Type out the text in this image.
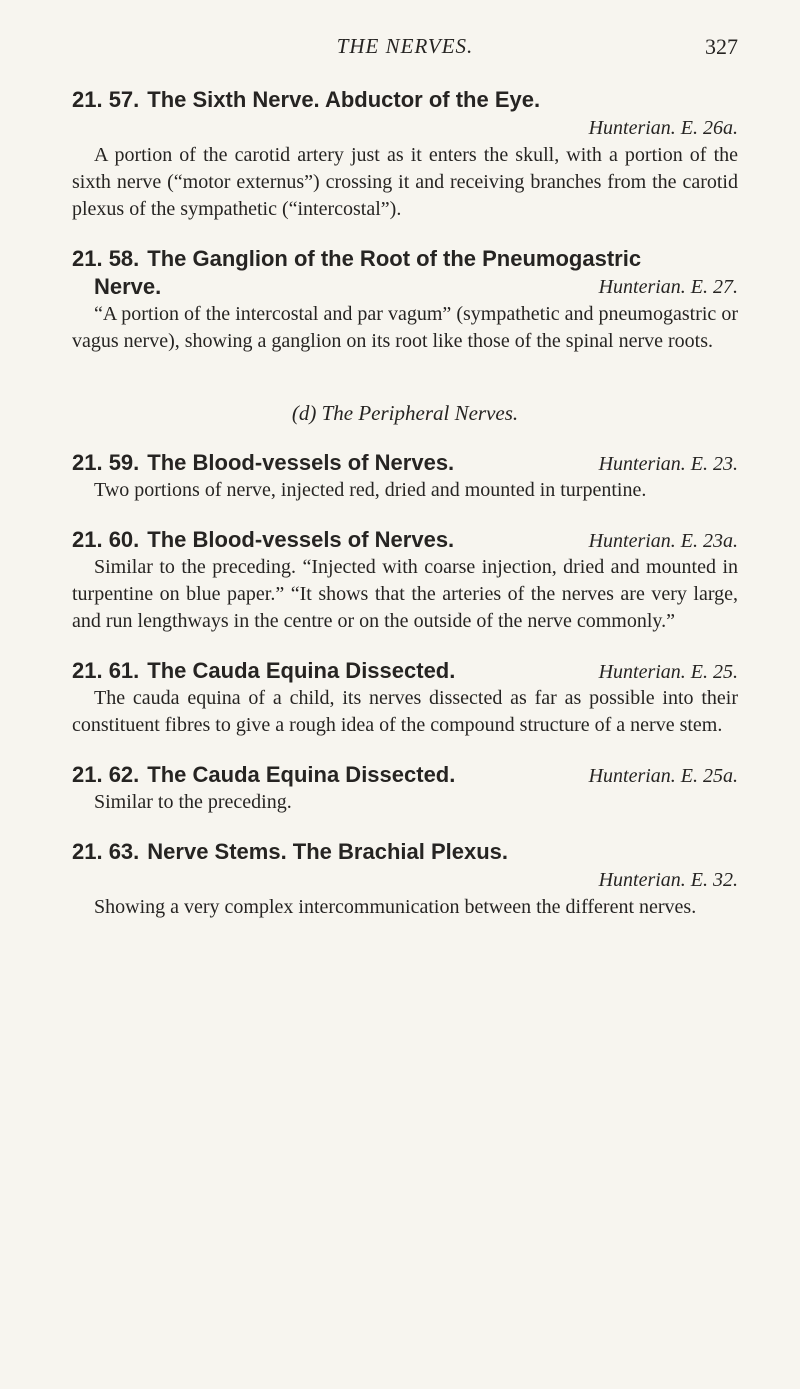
THE NERVES.	327
21. 57. The Sixth Nerve. Abductor of the Eye.
Hunterian. E. 26a.

A portion of the carotid artery just as it enters the skull, with a portion of the sixth nerve (“motor externus”) crossing it and receiving branches from the carotid plexus of the sympathetic (“intercostal”).

21. 58. The Ganglion of the Root of the Pneumogastric
Nerve.	Hunterian. E. 27.

“A portion of the intercostal and par vagum” (sympathetic and pneumogastric or vagus nerve), showing a ganglion on its root like those of the spinal nerve roots.

(d) The Peripheral Nerves.

21. 59. The Blood-vessels of Nerves.	Hunterian. E. 23.

Two portions of nerve, injected red, dried and mounted in turpentine.

21. 60. The Blood-vessels of Nerves.	Hunterian. E. 23a.

Similar to the preceding. “Injected with coarse injection, dried and mounted in turpentine on blue paper.” “It shows that the arteries of the nerves are very large, and run lengthways in the centre or on the outside of the nerve commonly.”

21. 61. The Cauda Equina Dissected.	Hunterian. E. 25.

The cauda equina of a child, its nerves dissected as far as possible into their constituent fibres to give a rough idea of the compound structure of a nerve stem.

21. 62. The Cauda Equina Dissected.	Hunterian. E. 25a.

Similar to the preceding.

21. 63. Nerve Stems. The Brachial Plexus.
Hunterian. E. 32.

Showing a very complex intercommunication between the different nerves.
